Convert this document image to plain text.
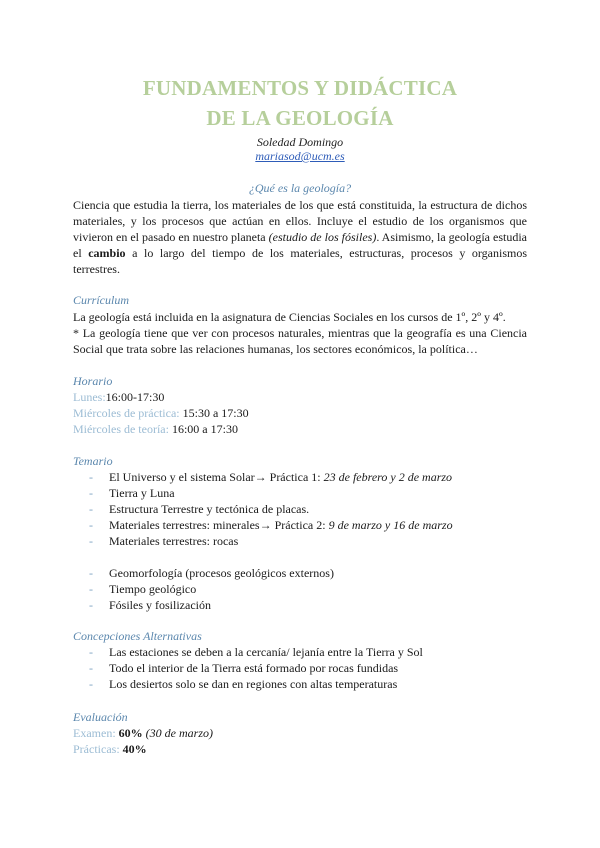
FUNDAMENTOS Y DIDÁCTICA
DE LA GEOLOGÍA
Soledad Domingo
mariasod@ucm.es
¿Qué es la geología?
Ciencia que estudia la tierra, los materiales de los que está constituida, la estructura de dichos materiales, y los procesos que actúan en ellos. Incluye el estudio de los organismos que vivieron en el pasado en nuestro planeta (estudio de los fósiles). Asimismo, la geología estudia el cambio a lo largo del tiempo de los materiales, estructuras, procesos y organismos terrestres.
Currículum
La geología está incluida en la asignatura de Ciencias Sociales en los cursos de 1º, 2º y 4º.
* La geología tiene que ver con procesos naturales, mientras que la geografía es una Ciencia Social que trata sobre las relaciones humanas, los sectores económicos, la política…
Horario
Lunes:16:00-17:30
Miércoles de práctica: 15:30 a 17:30
Miércoles de teoría: 16:00 a 17:30
Temario
- El Universo y el sistema Solar→ Práctica 1: 23 de febrero y 2 de marzo
- Tierra y Luna
- Estructura Terrestre y tectónica de placas.
- Materiales terrestres: minerales→ Práctica 2: 9 de marzo y 16 de marzo
- Materiales terrestres: rocas
- Geomorfología (procesos geológicos externos)
- Tiempo geológico
- Fósiles y fosilización
Concepciones Alternativas
- Las estaciones se deben a la cercanía/ lejanía entre la Tierra y Sol
- Todo el interior de la Tierra está formado por rocas fundidas
- Los desiertos solo se dan en regiones con altas temperaturas
Evaluación
Examen: 60% (30 de marzo)
Prácticas: 40%
